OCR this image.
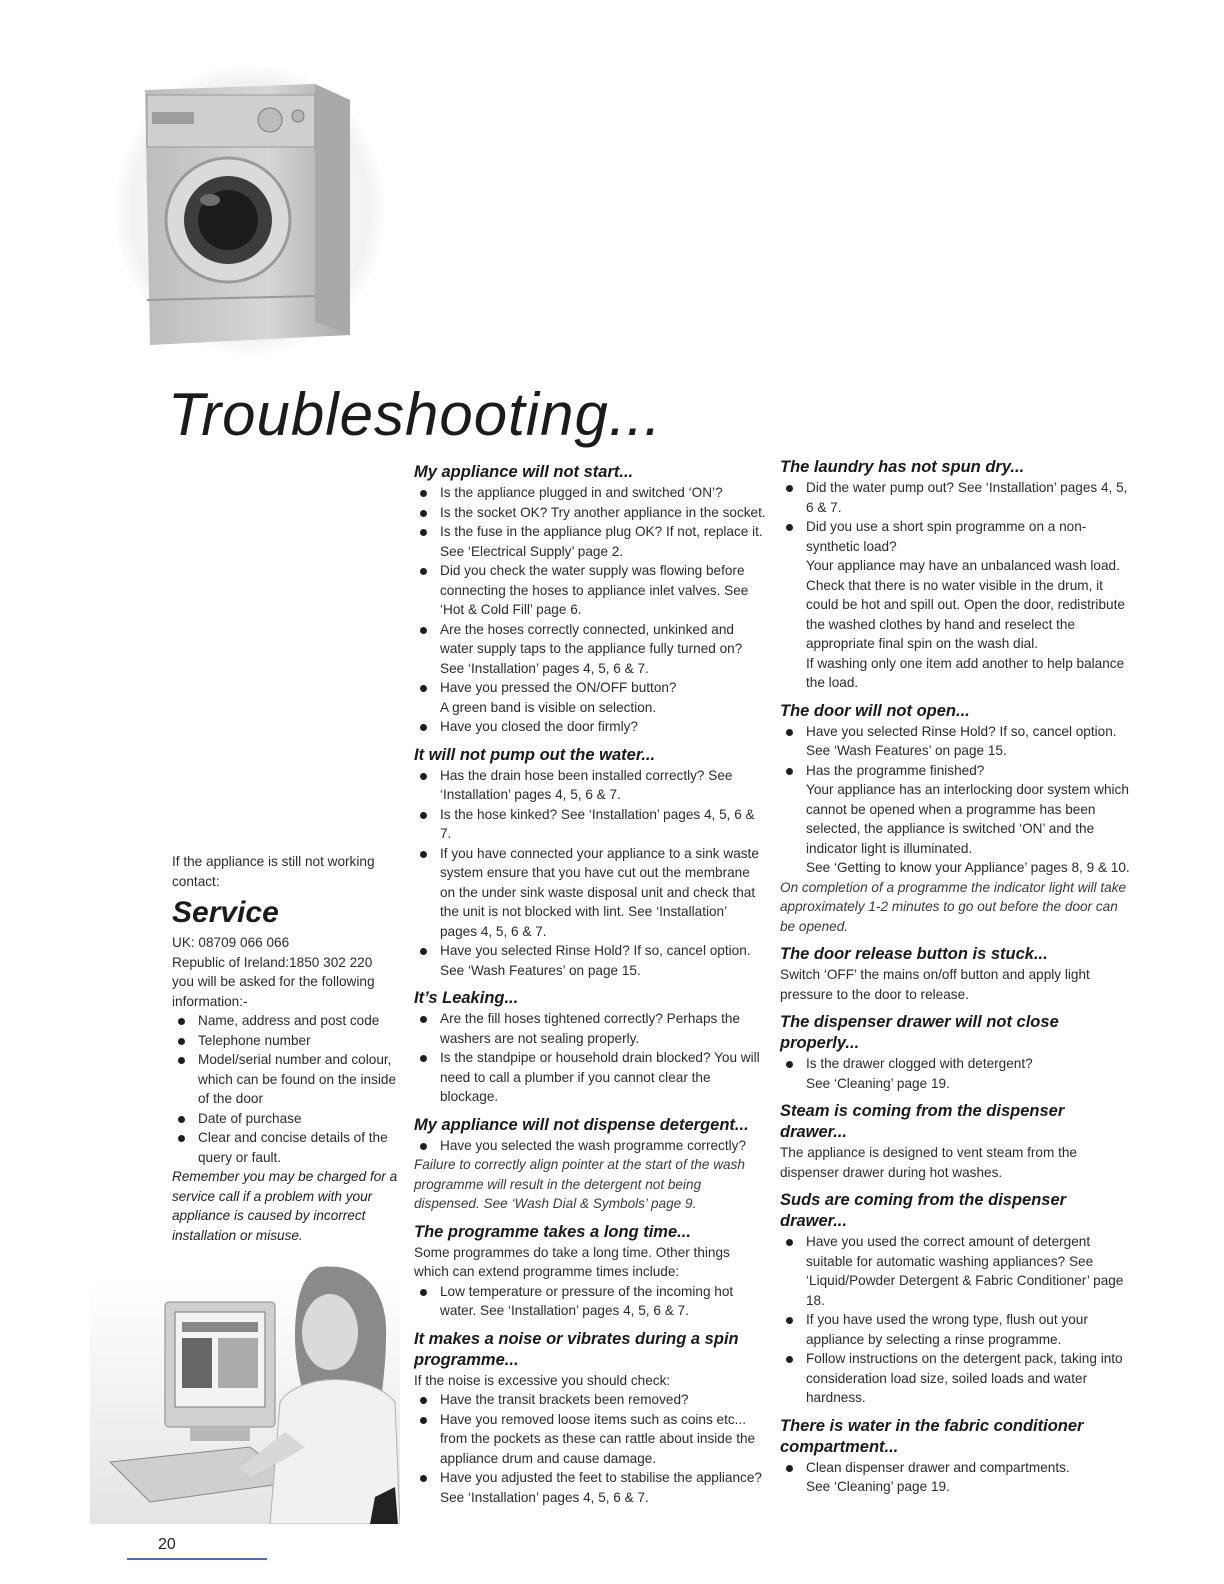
Troubleshooting...

If the appliance is still not working contact:

Service

UK: 08709 066 066

Republic of Ireland:1850 302 220

you will be asked for the following information:-

Name, address and post code
Telephone number
Model/serial number and colour, which can be found on the inside of the door
Date of purchase
Clear and concise details of the query or fault.

Remember you may be charged for a service call if a problem with your appliance is caused by incorrect installation or misuse.

My appliance will not start...
Is the appliance plugged in and switched ‘ON’?
Is the socket OK? Try another appliance in the socket.
Is the fuse in the appliance plug OK? If not, replace it. See ‘Electrical Supply’ page 2.
Did you check the water supply was flowing before connecting the hoses to appliance inlet valves. See ‘Hot & Cold Fill’ page 6.
Are the hoses correctly connected, unkinked and water supply taps to the appliance fully turned on? See ‘Installation’ pages 4, 5, 6 & 7.
Have you pressed the ON/OFF button?
A green band is visible on selection.
Have you closed the door firmly?
It will not pump out the water...
Has the drain hose been installed correctly? See ‘Installation’ pages 4, 5, 6 & 7.
Is the hose kinked? See ‘Installation’ pages 4, 5, 6 & 7.
If you have connected your appliance to a sink waste system ensure that you have cut out the membrane on the under sink waste disposal unit and check that the unit is not blocked with lint. See ‘Installation’ pages 4, 5, 6 & 7.
Have you selected Rinse Hold? If so, cancel option. See ‘Wash Features’ on page 15.
It’s Leaking...
Are the fill hoses tightened correctly? Perhaps the washers are not sealing properly.
Is the standpipe or household drain blocked? You will need to call a plumber if you cannot clear the blockage.
My appliance will not dispense detergent...
Have you selected the wash programme correctly?

Failure to correctly align pointer at the start of the wash programme will result in the detergent not being dispensed. See ‘Wash Dial & Symbols’ page 9.

The programme takes a long time...

Some programmes do take a long time. Other things which can extend programme times include:

Low temperature or pressure of the incoming hot water. See ‘Installation’ pages 4, 5, 6 & 7.
It makes a noise or vibrates during a spin programme...

If the noise is excessive you should check:

Have the transit brackets been removed?
Have you removed loose items such as coins etc... from the pockets as these can rattle about inside the appliance drum and cause damage.
Have you adjusted the feet to stabilise the appliance? See ‘Installation’ pages 4, 5, 6 & 7.
The laundry has not spun dry...
Did the water pump out? See ‘Installation’ pages 4, 5, 6 & 7.
Did you use a short spin programme on a non-synthetic load?
Your appliance may have an unbalanced wash load. Check that there is no water visible in the drum, it could be hot and spill out. Open the door, redistribute the washed clothes by hand and reselect the appropriate final spin on the wash dial.
If washing only one item add another to help balance the load.
The door will not open...
Have you selected Rinse Hold? If so, cancel option. See ‘Wash Features’ on page 15.
Has the programme finished?
Your appliance has an interlocking door system which cannot be opened when a programme has been selected, the appliance is switched ‘ON’ and the indicator light is illuminated.
See ‘Getting to know your Appliance’ pages 8, 9 & 10.

On completion of a programme the indicator light will take approximately 1-2 minutes to go out before the door can be opened.

The door release button is stuck...

Switch ‘OFF’ the mains on/off button and apply light pressure to the door to release.

The dispenser drawer will not close properly...
Is the drawer clogged with detergent?
See ‘Cleaning’ page 19.
Steam is coming from the dispenser drawer...

The appliance is designed to vent steam from the dispenser drawer during hot washes.

Suds are coming from the dispenser drawer...
Have you used the correct amount of detergent suitable for automatic washing appliances? See ‘Liquid/Powder Detergent & Fabric Conditioner’ page 18.
If you have used the wrong type, flush out your appliance by selecting a rinse programme.
Follow instructions on the detergent pack, taking into consideration load size, soiled loads and water hardness.
There is water in the fabric conditioner compartment...
Clean dispenser drawer and compartments.
See ‘Cleaning’ page 19.
20
